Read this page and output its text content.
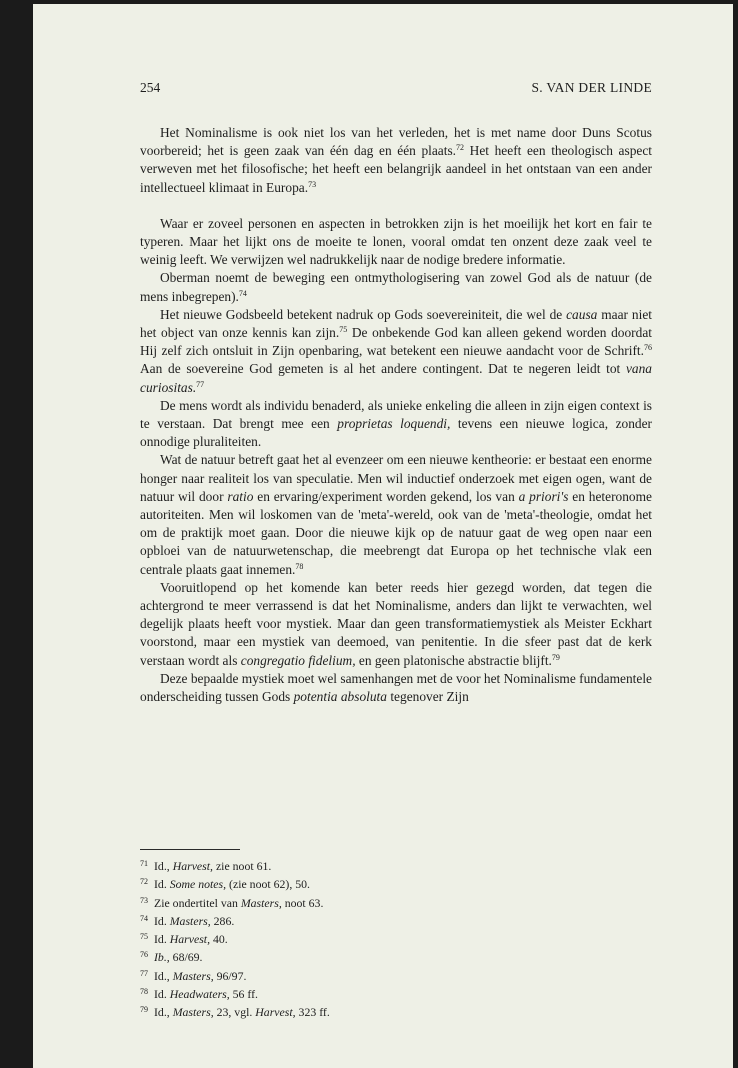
254	S. VAN DER LINDE

Het Nominalisme is ook niet los van het verleden, het is met name door Duns Scotus voorbereid; het is geen zaak van één dag en één plaats.$^{72}$ Het heeft een theologisch aspect verweven met het filosofische; het heeft een belangrijk aandeel in het ontstaan van een ander intellectueel klimaat in Europa.$^{73}$

Waar er zoveel personen en aspecten in betrokken zijn is het moeilijk het kort en fair te typeren. Maar het lijkt ons de moeite te lonen, vooral omdat ten onzent deze zaak veel te weinig leeft. We verwijzen wel nadrukkelijk naar de nodige bredere informatie.

Oberman noemt de beweging een ontmythologisering van zowel God als de natuur (de mens inbegrepen).$^{74}$

Het nieuwe Godsbeeld betekent nadruk op Gods soevereiniteit, die wel de causa maar niet het object van onze kennis kan zijn.$^{75}$ De onbekende God kan alleen gekend worden doordat Hij zelf zich ontsluit in Zijn openbaring, wat betekent een nieuwe aandacht voor de Schrift.$^{76}$ Aan de soevereine God gemeten is al het andere contingent. Dat te negeren leidt tot vana curiositas.$^{77}$

De mens wordt als individu benaderd, als unieke enkeling die alleen in zijn eigen context is te verstaan. Dat brengt mee een proprietas loquendi, tevens een nieuwe logica, zonder onnodige pluraliteiten.

Wat de natuur betreft gaat het al evenzeer om een nieuwe kentheorie: er bestaat een enorme honger naar realiteit los van speculatie. Men wil inductief onderzoek met eigen ogen, want de natuur wil door ratio en ervaring/experiment worden gekend, los van a priori's en heteronome autoriteiten. Men wil loskomen van de 'meta'-wereld, ook van de 'meta'-theologie, omdat het om de praktijk moet gaan. Door die nieuwe kijk op de natuur gaat de weg open naar een opbloei van de natuurwetenschap, die meebrengt dat Europa op het technische vlak een centrale plaats gaat innemen.$^{78}$

Vooruitlopend op het komende kan beter reeds hier gezegd worden, dat tegen die achtergrond te meer verrassend is dat het Nominalisme, anders dan lijkt te verwachten, wel degelijk plaats heeft voor mystiek. Maar dan geen transformatiemystiek als Meister Eckhart voorstond, maar een mystiek van deemoed, van penitentie. In die sfeer past dat de kerk verstaan wordt als congregatio fidelium, en geen platonische abstractie blijft.$^{79}$

Deze bepaalde mystiek moet wel samenhangen met de voor het Nominalisme fundamentele onderscheiding tussen Gods potentia absoluta tegenover Zijn

71 Id., Harvest, zie noot 61.
72 Id. Some notes, (zie noot 62), 50.
73 Zie ondertitel van Masters, noot 63.
74 Id. Masters, 286.
75 Id. Harvest, 40.
76 Ib., 68/69.
77 Id., Masters, 96/97.
78 Id. Headwaters, 56 ff.
79 Id., Masters, 23, vgl. Harvest, 323 ff.
